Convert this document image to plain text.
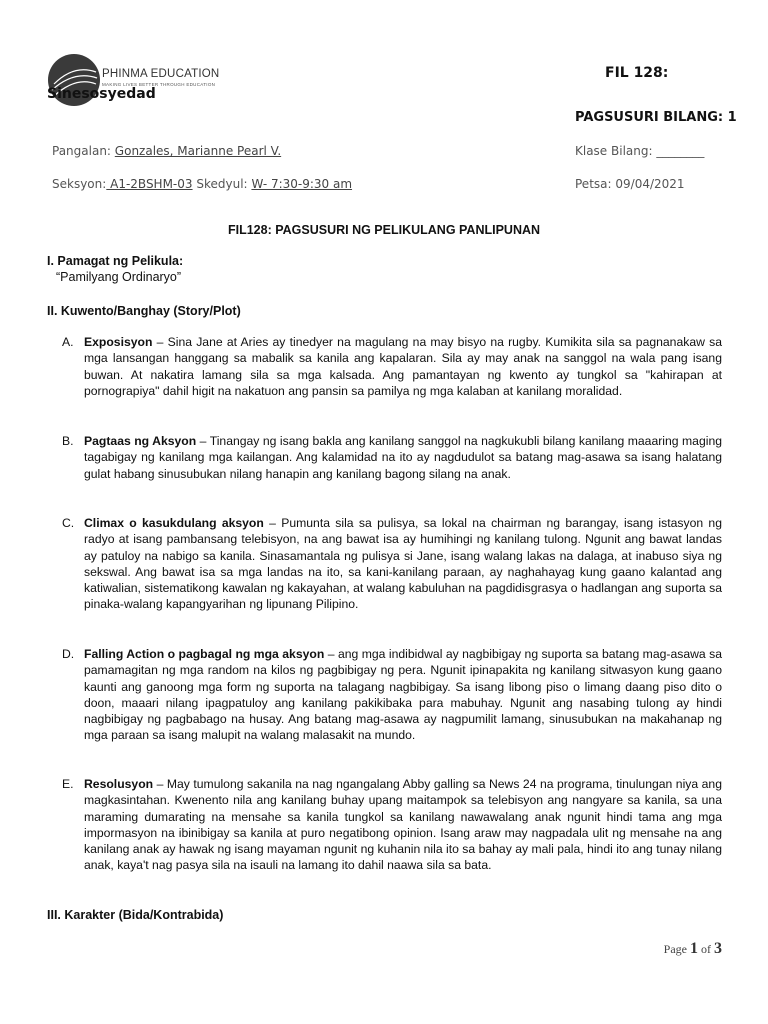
PHINMA EDUCATION
MAKING LIVES BETTER THROUGH EDUCATION
Sinesosyedad
FIL 128:
PAGSUSURI BILANG: 1
Pangalan: Gonzales, Marianne Pearl V.	Klase Bilang: ________
Seksyon: A1-2BSHM-03 Skedyul: W- 7:30-9:30 am	Petsa: 09/04/2021
FIL128: PAGSUSURI NG PELIKULANG PANLIPUNAN
I. Pamagat ng Pelikula:
“Pamilyang Ordinaryo”
II. Kuwento/Banghay (Story/Plot)
A. Exposisyon – Sina Jane at Aries ay tinedyer na magulang na may bisyo na rugby. Kumikita sila sa pagnanakaw sa mga lansangan hanggang sa mabalik sa kanila ang kapalaran. Sila ay may anak na sanggol na wala pang isang buwan. At nakatira lamang sila sa mga kalsada. Ang pamantayan ng kwento ay tungkol sa "kahirapan at pornograpiya" dahil higit na nakatuon ang pansin sa pamilya ng mga kalaban at kanilang moralidad.
B. Pagtaas ng Aksyon – Tinangay ng isang bakla ang kanilang sanggol na nagkukubli bilang kanilang maaaring maging tagabigay ng kanilang mga kailangan. Ang kalamidad na ito ay nagdudulot sa batang mag-asawa sa isang halatang gulat habang sinusubukan nilang hanapin ang kanilang bagong silang na anak.
C. Climax o kasukdulang aksyon – Pumunta sila sa pulisya, sa lokal na chairman ng barangay, isang istasyon ng radyo at isang pambansang telebisyon, na ang bawat isa ay humihingi ng kanilang tulong. Ngunit ang bawat landas ay patuloy na nabigo sa kanila. Sinasamantala ng pulisya si Jane, isang walang lakas na dalaga, at inabuso siya ng sekswal. Ang bawat isa sa mga landas na ito, sa kani-kanilang paraan, ay naghahayag kung gaano kalantad ang katiwalian, sistematikong kawalan ng kakayahan, at walang kabuluhan na pagdidisgrasya o hadlangan ang suporta sa pinaka-walang kapangyarihan ng lipunang Pilipino.
D. Falling Action o pagbagal ng mga aksyon – ang mga indibidwal ay nagbibigay ng suporta sa batang mag-asawa sa pamamagitan ng mga random na kilos ng pagbibigay ng pera. Ngunit ipinapakita ng kanilang sitwasyon kung gaano kaunti ang ganoong mga form ng suporta na talagang nagbibigay. Sa isang libong piso o limang daang piso dito o doon, maaari nilang ipagpatuloy ang kanilang pakikibaka para mabuhay. Ngunit ang nasabing tulong ay hindi nagbibigay ng pagbabago na husay. Ang batang mag-asawa ay nagpumilit lamang, sinusubukan na makahanap ng mga paraan sa isang malupit na walang malasakit na mundo.
E. Resolusyon – May tumulong sakanila na nag ngangalang Abby galling sa News 24 na programa, tinulungan niya ang magkasintahan. Kwenento nila ang kanilang buhay upang maitampok sa telebisyon ang nangyare sa kanila, sa una maraming dumarating na mensahe sa kanila tungkol sa kanilang nawawalang anak ngunit hindi tama ang mga impormasyon na ibinibigay sa kanila at puro negatibong opinion. Isang araw may nagpadala ulit ng mensahe na ang kanilang anak ay hawak ng isang mayaman ngunit ng kuhanin nila ito sa bahay ay mali pala, hindi ito ang tunay nilang anak, kaya't nag pasya sila na isauli na lamang ito dahil naawa sila sa bata.
III. Karakter (Bida/Kontrabida)
Page 1 of 3
